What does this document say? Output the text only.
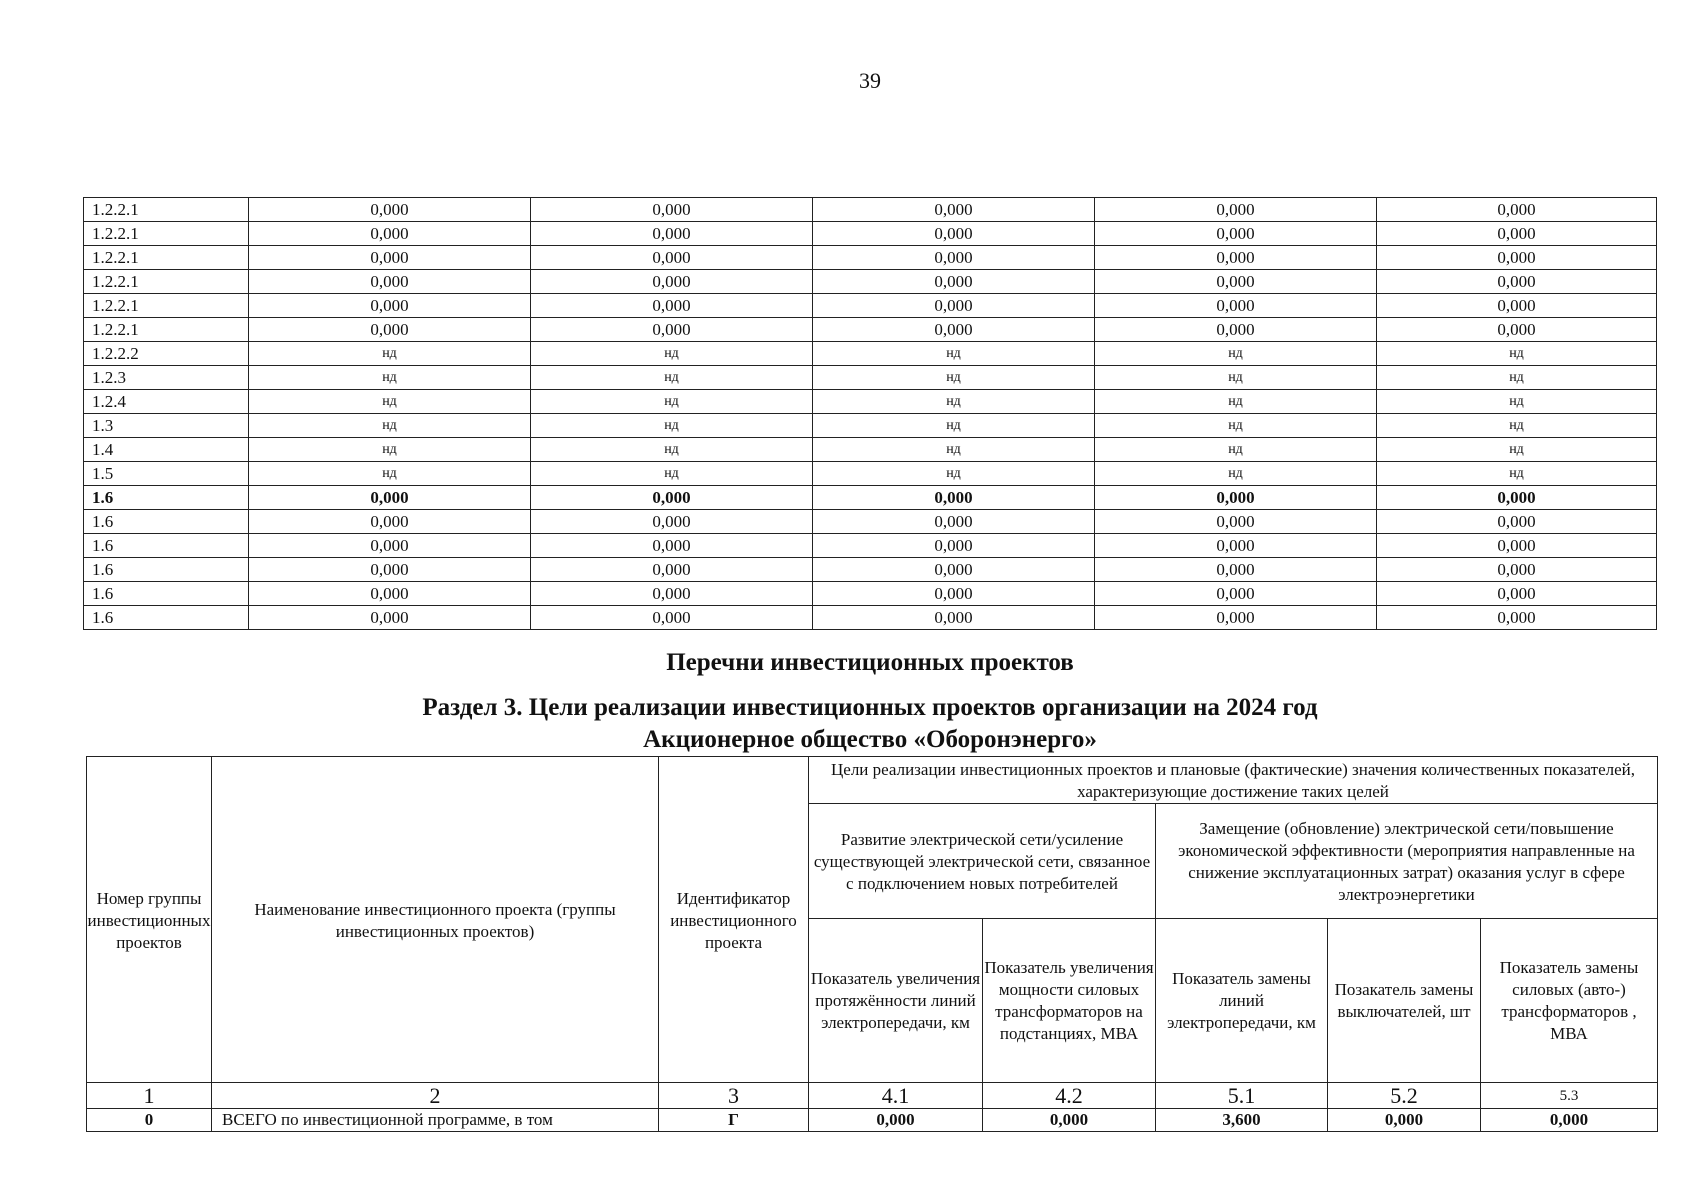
39
1.2.2.1	0,000	0,000	0,000	0,000	0,000
1.2.2.1	0,000	0,000	0,000	0,000	0,000
1.2.2.1	0,000	0,000	0,000	0,000	0,000
1.2.2.1	0,000	0,000	0,000	0,000	0,000
1.2.2.1	0,000	0,000	0,000	0,000	0,000
1.2.2.1	0,000	0,000	0,000	0,000	0,000
1.2.2.2	нд	нд	нд	нд	нд
1.2.3	нд	нд	нд	нд	нд
1.2.4	нд	нд	нд	нд	нд
1.3	нд	нд	нд	нд	нд
1.4	нд	нд	нд	нд	нд
1.5	нд	нд	нд	нд	нд
1.6	0,000	0,000	0,000	0,000	0,000
1.6	0,000	0,000	0,000	0,000	0,000
1.6	0,000	0,000	0,000	0,000	0,000
1.6	0,000	0,000	0,000	0,000	0,000
1.6	0,000	0,000	0,000	0,000	0,000
1.6	0,000	0,000	0,000	0,000	0,000
Перечни инвестиционных проектов
Раздел 3. Цели реализации инвестиционных проектов организации на 2024 год
Акционерное общество «Оборонэнерго»
Номер группы инвестиционных проектов	Наименование инвестиционного проекта (группы инвестиционных проектов)	Идентификатор инвестиционного проекта	Цели реализации инвестиционных проектов и плановые (фактические) значения количественных показателей, характеризующие достижение таких целей				
			Развитие электрической сети/усиление существующей электрической сети, связанное с подключением новых потребителей		Замещение (обновление) электрической сети/повышение экономической эффективности (мероприятия направленные на снижение эксплуатационных затрат) оказания услуг в сфере электроэнергетики		
			Показатель увеличения протяжённости линий электропередачи, км	Показатель увеличения мощности силовых трансформаторов на подстанциях, МВА	Показатель замены линий электропередачи, км	Позакатель замены выключателей, шт	Показатель замены силовых (авто-) трансформаторов , МВА
1	2	3	4.1	4.2	5.1	5.2	5.3
0	ВСЕГО по инвестиционной программе, в том	Г	0,000	0,000	3,600	0,000	0,000
